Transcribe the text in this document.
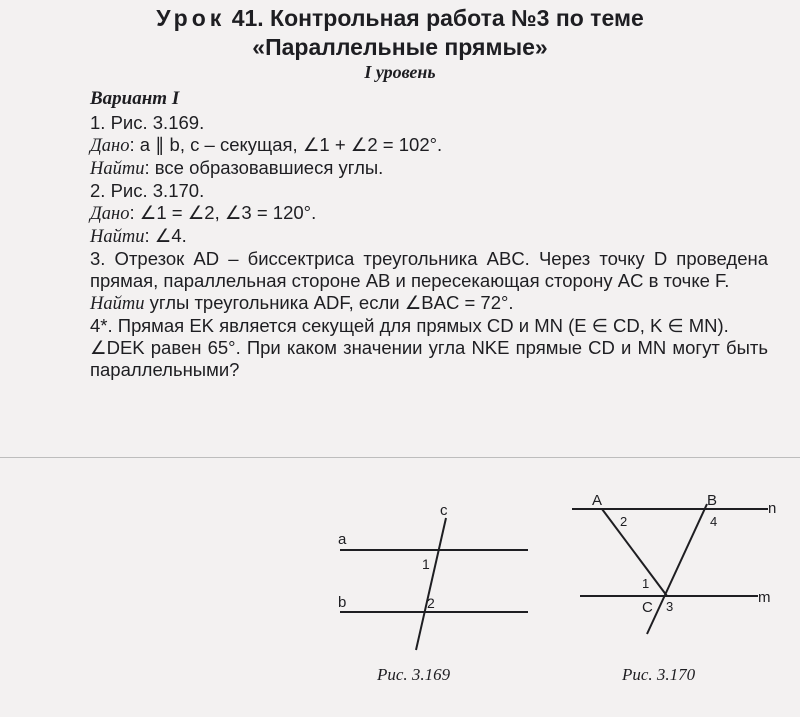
Урок 41. Контрольная работа №3 по теме
«Параллельные прямые»
I уровень
Вариант I
1. Рис. 3.169.
Дано: a ∥ b, c – секущая, ∠1 + ∠2 = 102°.
Найти: все образовавшиеся углы.
2. Рис. 3.170.
Дано: ∠1 = ∠2, ∠3 = 120°.
Найти: ∠4.
3. Отрезок AD – биссектриса треугольника ABC. Через точку D проведена прямая, параллельная стороне AB и пересекающая сторону AC в точке F.
Найти углы треугольника ADF, если ∠BAC = 72°.
4*. Прямая EK является секущей для прямых CD и MN (E ∈ CD, K ∈ MN).
∠DEK равен 65°. При каком значении угла NKE прямые CD и MN могут быть параллельными?
a
b
c
1
2
Рис. 3.169
A	B	n
m
C
1
2
3
4
Рис. 3.170
